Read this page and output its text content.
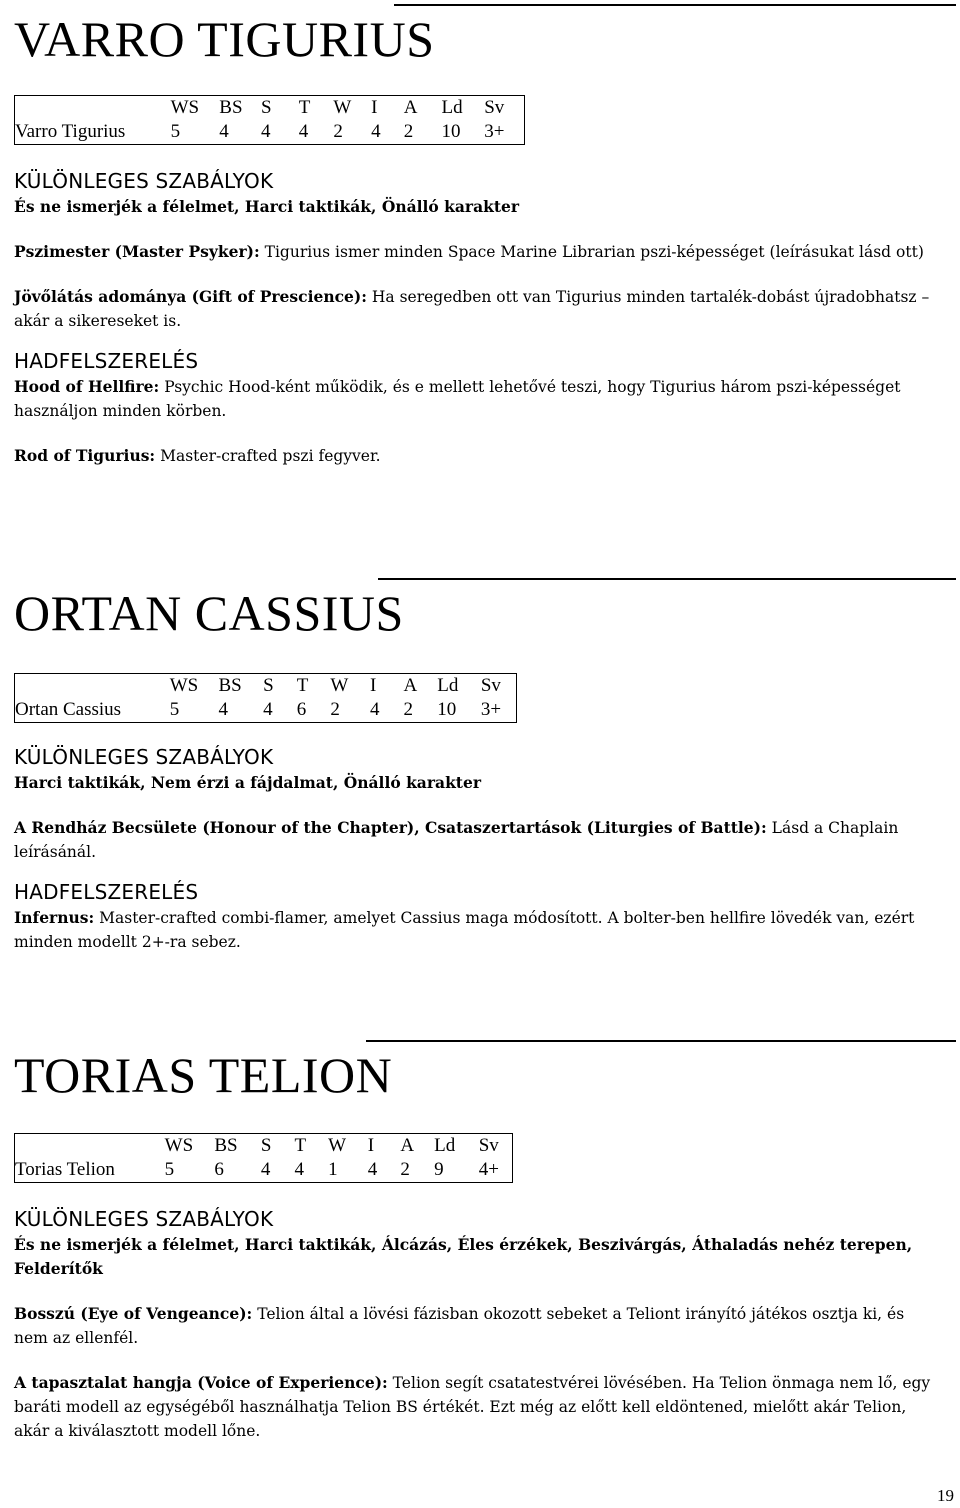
VARRO TIGURIUS
	WS	BS	S	T	W	I	A	Ld	Sv
Varro Tigurius	5	4	4	4	2	4	2	10	3+
KÜLÖNLEGES SZABÁLYOK

És ne ismerjék a félelmet, Harci taktikák, Önálló karakter

Pszimester (Master Psyker): Tigurius ismer minden Space Marine Librarian pszi-képességet (leírásukat lásd ott)

Jövőlátás adománya (Gift of Prescience): Ha seregedben ott van Tigurius minden tartalék-dobást újradobhatsz – akár a sikereseket is.

HADFELSZERELÉS

Hood of Hellfire: Psychic Hood-ként működik, és e mellett lehetővé teszi, hogy Tigurius három pszi-képességet használjon minden körben.

Rod of Tigurius: Master-crafted pszi fegyver.

ORTAN CASSIUS
	WS	BS	S	T	W	I	A	Ld	Sv
Ortan Cassius	5	4	4	6	2	4	2	10	3+
KÜLÖNLEGES SZABÁLYOK

Harci taktikák, Nem érzi a fájdalmat, Önálló karakter

A Rendház Becsülete (Honour of the Chapter), Csataszertartások (Liturgies of Battle): Lásd a Chaplain leírásánál.

HADFELSZERELÉS

Infernus: Master-crafted combi-flamer, amelyet Cassius maga módosított. A bolter-ben hellfire lövedék van, ezért minden modellt 2+-ra sebez.

TORIAS TELION
	WS	BS	S	T	W	I	A	Ld	Sv
Torias Telion	5	6	4	4	1	4	2	9	4+
KÜLÖNLEGES SZABÁLYOK

És ne ismerjék a félelmet, Harci taktikák, Álcázás, Éles érzékek, Beszivárgás, Áthaladás nehéz terepen, Felderítők

Bosszú (Eye of Vengeance): Telion által a lövési fázisban okozott sebeket a Teliont irányító játékos osztja ki, és nem az ellenfél.

A tapasztalat hangja (Voice of Experience): Telion segít csatatestvérei lövésében. Ha Telion önmaga nem lő, egy baráti modell az egységéből használhatja Telion BS értékét. Ezt még az előtt kell eldöntened, mielőtt akár Telion, akár a kiválasztott modell lőne.

19
